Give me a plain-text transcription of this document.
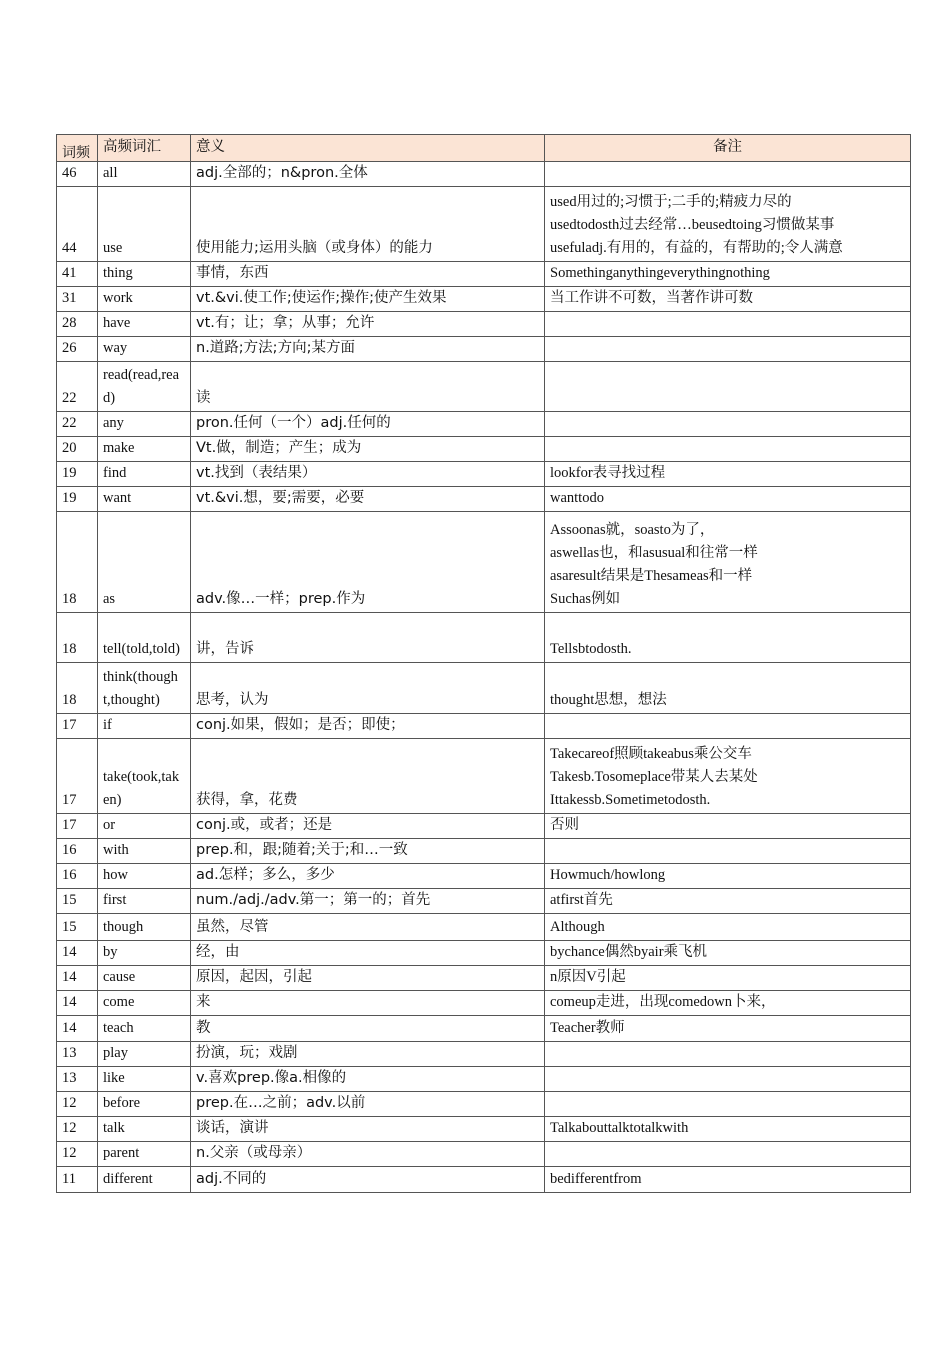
词频	高频词汇	意义	备注
46	all	adj.全部的；n&pron.全体	

44	use	使用能力;运用头脑（或身体）的能力	used用过的;习惯于;二手的;精疲力尽的
usedtodosth过去经常…beusedtoing习惯做某事
usefuladj.有用的，有益的，有帮助的;令人满意

41	thing	事情，东西	Somethinganythingeverythingnothing

31	work	vt.&vi.使工作;使运作;操作;使产生效果	当工作讲不可数，当著作讲可数

28	have	vt.有；让；拿；从事；允许	

26	way	n.道路;方法;方向;某方面	

22	read(read,read)	读	

22	any	pron.任何（一个）adj.任何的	

20	make	Vt.做，制造；产生；成为	

19	find	vt.找到（表结果）	lookfor表寻找过程

19	want	vt.&vi.想，要;需要，必要	wanttodo

18	as	adv.像…一样；prep.作为	Assoonas就，soasto为了，
aswellas也，和asusual和往常一样
asaresult结果是Thesameas和一样
Suchas例如

18	tell(told,told)	讲，告诉	Tellsbtodosth.

18	think(thought,thought)	思考，认为	thought思想，想法

17	if	conj.如果，假如；是否；即使；	

17	take(took,taken)	获得，拿，花费	Takecareof照顾takeabus乘公交车
Takesb.Tosomeplace带某人去某处
Ittakessb.Sometimetodosth.

17	or	conj.或，或者；还是	否则

16	with	prep.和，跟;随着;关于;和…一致	

16	how	ad.怎样；多么，多少	Howmuch/howlong

15	first	num./adj./adv.第一；第一的；首先	atfirst首先

15	though	虽然，尽管	Although

14	by	经，由	bychance偶然byair乘飞机

14	cause	原因，起因，引起	n原因V引起

14	come	来	comeup走进，出现comedown卜来，

14	teach	教	Teacher教师

13	play	扮演，玩；戏剧	

13	like	v.喜欢prep.像a.相像的	

12	before	prep.在…之前；adv.以前	

12	talk	谈话，演讲	Talkabouttalktotalkwith

12	parent	n.父亲（或母亲）	

11	different	adj.不同的	bedifferentfrom
